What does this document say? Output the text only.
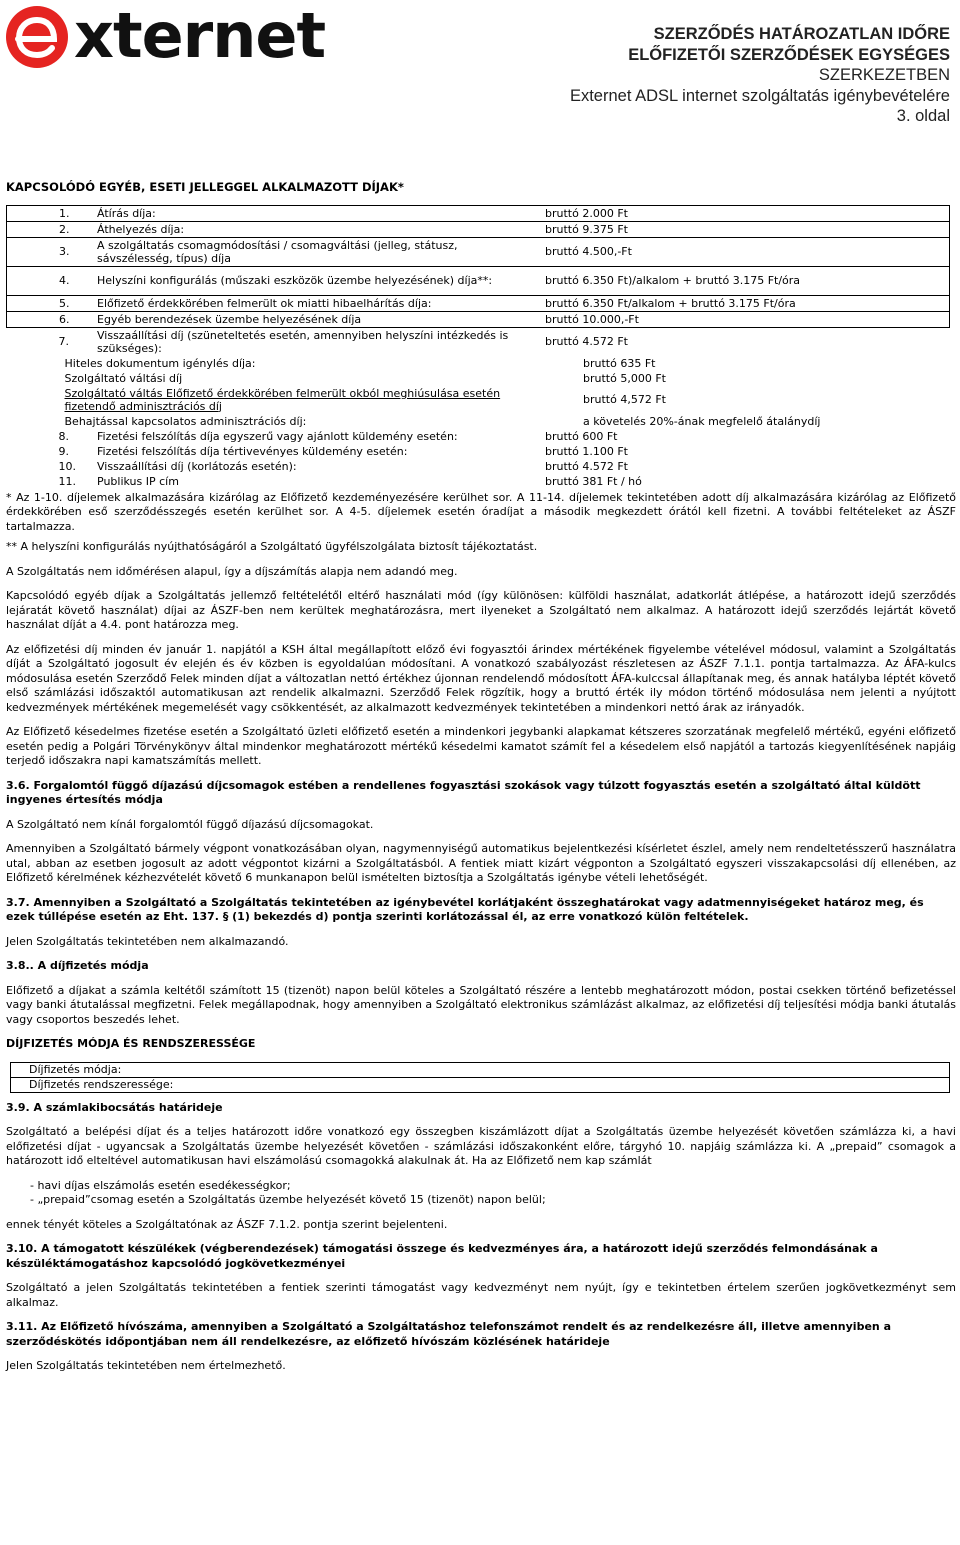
xternet	SZERZŐDÉS HATÁROZATLAN IDŐRE
ELŐFIZETŐI SZERZŐDÉSEK EGYSÉGES
SZERKEZETBEN
Externet ADSL internet szolgáltatás igénybevételére
3. oldal
KAPCSOLÓDÓ EGYÉB, ESETI JELLEGGEL ALKALMAZOTT DÍJAK*
1.	Átírás díja:	bruttó 2.000 Ft
2.	Áthelyezés díja:	bruttó 9.375 Ft
3.	A szolgáltatás csomagmódosítási / csomagváltási (jelleg, státusz, sávszélesség, típus) díja	bruttó 4.500,-Ft
4.	Helyszíni konfigurálás (műszaki eszközök üzembe helyezésének) díja**:	bruttó 6.350 Ft)/alkalom + bruttó 3.175 Ft/óra
5.	Előfizető érdekkörében felmerült ok miatti hibaelhárítás díja:	bruttó 6.350 Ft/alkalom + bruttó 3.175 Ft/óra
6.	Egyéb berendezések üzembe helyezésének díja	bruttó 10.000,-Ft
7.	Visszaállítási díj (szüneteltetés esetén, amennyiben helyszíni intézkedés is szükséges):	bruttó 4.572 Ft
Hiteles dokumentum igénylés díja:		bruttó 635 Ft
Szolgáltató váltási díj		bruttó 5,000 Ft
Szolgáltató váltás Előfizető érdekkörében felmerült okból meghiúsulása esetén fizetendő adminisztrációs díj		bruttó 4,572 Ft
Behajtással kapcsolatos adminisztrációs díj:		a követelés 20%-ának megfelelő átalánydíj
8.	Fizetési felszólítás díja egyszerű vagy ajánlott küldemény esetén:	bruttó 600 Ft
9.	Fizetési felszólítás díja tértivevényes küldemény esetén:	bruttó 1.100 Ft
10.	Visszaállítási díj (korlátozás esetén):	bruttó 4.572 Ft
11.	Publikus IP cím	bruttó 381 Ft / hó
* Az 1-10. díjelemek alkalmazására kizárólag az Előfizető kezdeményezésére kerülhet sor. A 11-14. díjelemek tekintetében adott díj alkalmazására kizárólag az Előfizető érdekkörében eső szerződésszegés esetén kerülhet sor. A 4-5. díjelemek esetén óradíjat a második megkezdett órától kell fizetni. A további feltételeket az ÁSZF tartalmazza.
** A helyszíni konfigurálás nyújthatóságáról a Szolgáltató ügyfélszolgálata biztosít tájékoztatást.
A Szolgáltatás nem időmérésen alapul, így a díjszámítás alapja nem adandó meg.
Kapcsolódó egyéb díjak a Szolgáltatás jellemző feltételétől eltérő használati mód (így különösen: külföldi használat, adatkorlát átlépése, a határozott idejű szerződés lejáratát követő használat) díjai az ÁSZF-ben nem kerültek meghatározásra, mert ilyeneket a Szolgáltató nem alkalmaz. A határozott idejű szerződés lejártát követő használat díját a 4.4. pont határozza meg.
Az előfizetési díj minden év január 1. napjától a KSH által megállapított előző évi fogyasztói árindex mértékének figyelembe vételével módosul, valamint a Szolgáltatás díját a Szolgáltató jogosult év elején és év közben is egyoldalúan módosítani. A vonatkozó szabályozást részletesen az ÁSZF 7.1.1. pontja tartalmazza. Az ÁFA-kulcs módosulása esetén Szerződő Felek minden díjat a változatlan nettó értékhez újonnan rendelendő módosított ÁFA-kulccsal állapítanak meg, és annak hatályba léptét követő első számlázási időszaktól automatikusan azt rendelik alkalmazni. Szerződő Felek rögzítik, hogy a bruttó érték ily módon történő módosulása nem jelenti a nyújtott kedvezmények mértékének megemelését vagy csökkentését, az alkalmazott kedvezmények tekintetében a mindenkori nettó árak az irányadók.
Az Előfizető késedelmes fizetése esetén a Szolgáltató üzleti előfizető esetén a mindenkori jegybanki alapkamat kétszeres szorzatának megfelelő mértékű, egyéni előfizető esetén pedig a Polgári Törvénykönyv által mindenkor meghatározott mértékű késedelmi kamatot számít fel a késedelem első napjától a tartozás kiegyenlítésének napjáig terjedő időszakra napi kamatszámítás mellett.
3.6. Forgalomtól függő díjazású díjcsomagok estében a rendellenes fogyasztási szokások vagy túlzott fogyasztás esetén a szolgáltató által küldött ingyenes értesítés módja
A Szolgáltató nem kínál forgalomtól függő díjazású díjcsomagokat.
Amennyiben a Szolgáltató bármely végpont vonatkozásában olyan, nagymennyiségű automatikus bejelentkezési kísérletet észlel, amely nem rendeltetésszerű használatra utal, abban az esetben jogosult az adott végpontot kizárni a Szolgáltatásból. A fentiek miatt kizárt végponton a Szolgáltató egyszeri visszakapcsolási díj ellenében, az Előfizető kérelmének kézhezvételét követő 6 munkanapon belül ismételten biztosítja a Szolgáltatás igénybe vételi lehetőségét.
3.7. Amennyiben a Szolgáltató a Szolgáltatás tekintetében az igénybevétel korlátjaként összeghatárokat vagy adatmennyiségeket határoz meg, és ezek túllépése esetén az Eht. 137. § (1) bekezdés d) pontja szerinti korlátozással él, az erre vonatkozó külön feltételek.
Jelen Szolgáltatás tekintetében nem alkalmazandó.
3.8.. A díjfizetés módja
Előfizető a díjakat a számla keltétől számított 15 (tizenöt) napon belül köteles a Szolgáltató részére a lentebb meghatározott módon, postai csekken történő befizetéssel vagy banki átutalással megfizetni. Felek megállapodnak, hogy amennyiben a Szolgáltató elektronikus számlázást alkalmaz, az előfizetési díj teljesítési módja banki átutalás vagy csoportos beszedés lehet.
DÍJFIZETÉS MÓDJA ÉS RENDSZERESSÉGE
Díjfizetés módja:
Díjfizetés rendszeressége:
3.9. A számlakibocsátás határideje
Szolgáltató a belépési díjat és a teljes határozott időre vonatkozó egy összegben kiszámlázott díjat a Szolgáltatás üzembe helyezését követően számlázza ki, a havi előfizetési díjat - ugyancsak a Szolgáltatás üzembe helyezését követően - számlázási időszakonként előre, tárgyhó 10. napjáig számlázza ki. A „prepaid” csomagok a határozott idő elteltével automatikusan havi elszámolású csomagokká alakulnak át. Ha az Előfizető nem kap számlát
- havi díjas elszámolás esetén esedékességkor;
- „prepaid”csomag esetén a Szolgáltatás üzembe helyezését követő 15 (tizenöt) napon belül;
ennek tényét köteles a Szolgáltatónak az ÁSZF 7.1.2. pontja szerint bejelenteni.
3.10. A támogatott készülékek (végberendezések) támogatási összege és kedvezményes ára, a határozott idejű szerződés felmondásának a készüléktámogatáshoz kapcsolódó jogkövetkezményei
Szolgáltató a jelen Szolgáltatás tekintetében a fentiek szerinti támogatást vagy kedvezményt nem nyújt, így e tekintetben értelem szerűen jogkövetkezményt sem alkalmaz.
3.11. Az Előfizető hívószáma, amennyiben a Szolgáltató a Szolgáltatáshoz telefonszámot rendelt és az rendelkezésre áll, illetve amennyiben a szerződéskötés időpontjában nem áll rendelkezésre, az előfizető hívószám közlésének határideje
Jelen Szolgáltatás tekintetében nem értelmezhető.
